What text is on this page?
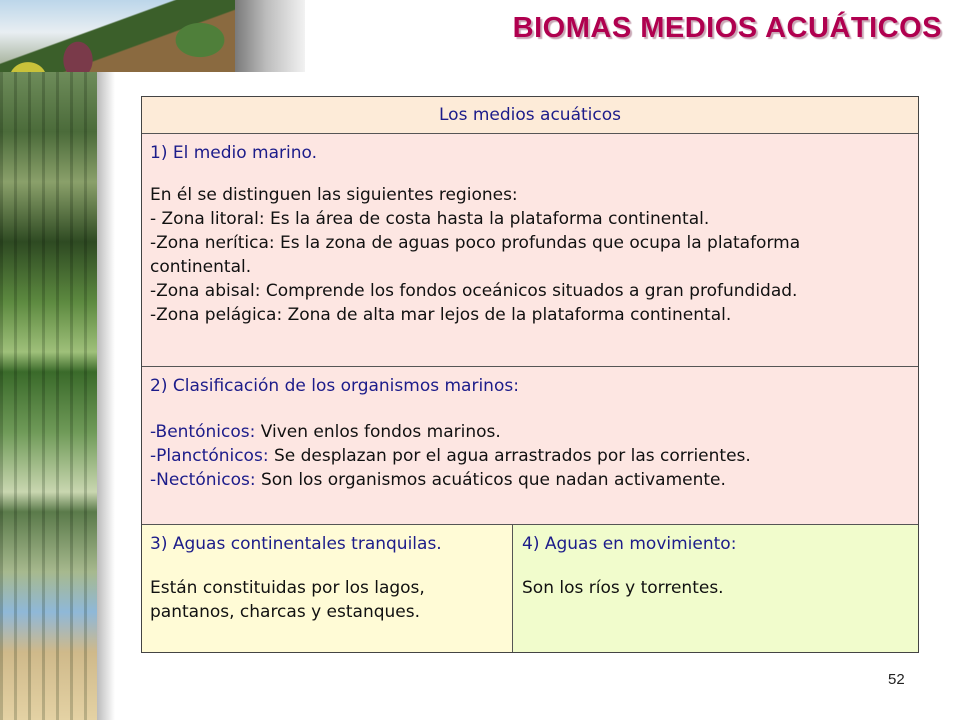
BIOMAS MEDIOS ACUÁTICOS
Los medios acuáticos
1) El medio marino.
En él se distinguen las siguientes regiones:
- Zona litoral: Es la área de costa hasta la plataforma continental.
-Zona nerítica: Es la zona de aguas poco profundas que ocupa la plataforma
continental.
-Zona abisal: Comprende los fondos oceánicos situados a gran profundidad.
-Zona pelágica: Zona de alta mar lejos de la plataforma continental.
2) Clasificación de los organismos marinos:
-Bentónicos: Viven enlos fondos marinos.
-Planctónicos: Se desplazan por el agua arrastrados por las corrientes.
-Nectónicos: Son los organismos acuáticos que nadan activamente.
3) Aguas continentales tranquilas.
Están constituidas por los lagos,
pantanos, charcas y estanques.
4) Aguas en movimiento:
Son los ríos y torrentes.
52
